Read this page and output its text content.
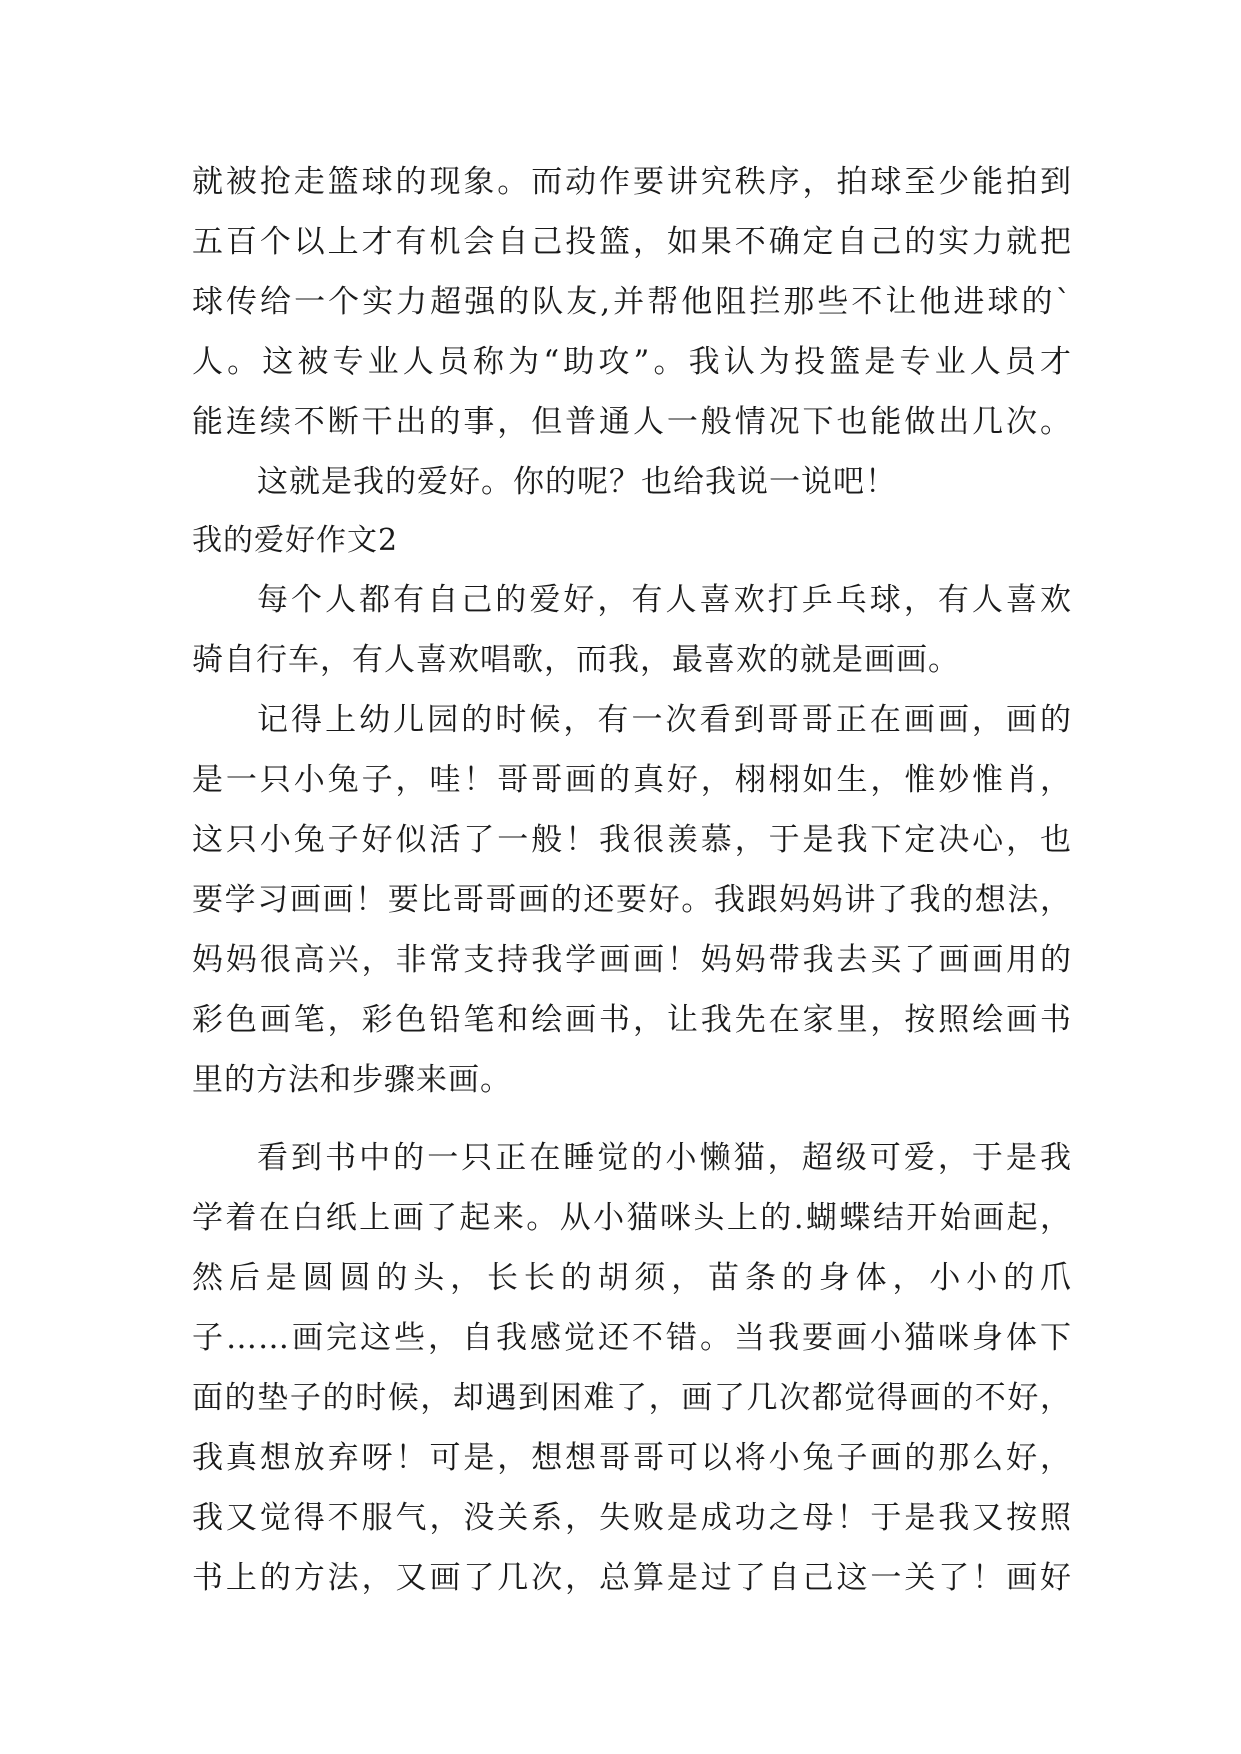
就被抢走篮球的现象。而动作要讲究秩序，拍球至少能拍到
五百个以上才有机会自己投篮，如果不确定自己的实力就把
球传给一个实力超强的队友,并帮他阻拦那些不让他进球的`
人。这被专业人员称为“助攻”。我认为投篮是专业人员才
能连续不断干出的事，但普通人一般情况下也能做出几次。
这就是我的爱好。你的呢？也给我说一说吧！
我的爱好作文2
每个人都有自己的爱好，有人喜欢打乒乓球，有人喜欢
骑自行车，有人喜欢唱歌，而我，最喜欢的就是画画。
记得上幼儿园的时候，有一次看到哥哥正在画画，画的
是一只小兔子，哇！哥哥画的真好，栩栩如生，惟妙惟肖，
这只小兔子好似活了一般！我很羡慕，于是我下定决心，也
要学习画画！要比哥哥画的还要好。我跟妈妈讲了我的想法，
妈妈很高兴，非常支持我学画画！妈妈带我去买了画画用的
彩色画笔，彩色铅笔和绘画书，让我先在家里，按照绘画书
里的方法和步骤来画。
看到书中的一只正在睡觉的小懒猫，超级可爱，于是我
学着在白纸上画了起来。从小猫咪头上的.蝴蝶结开始画起，
然后是圆圆的头，长长的胡须，苗条的身体，小小的爪
子……画完这些，自我感觉还不错。当我要画小猫咪身体下
面的垫子的时候，却遇到困难了，画了几次都觉得画的不好，
我真想放弃呀！可是，想想哥哥可以将小兔子画的那么好，
我又觉得不服气，没关系，失败是成功之母！于是我又按照
书上的方法，又画了几次，总算是过了自己这一关了！画好
